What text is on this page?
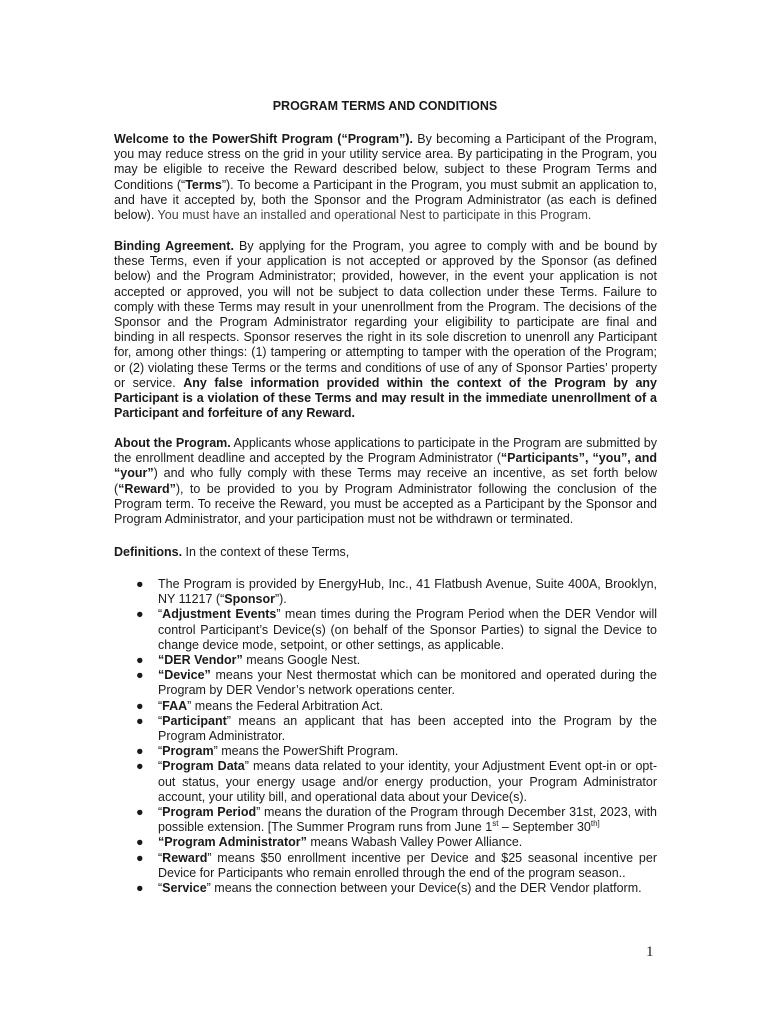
PROGRAM TERMS AND CONDITIONS

Welcome to the PowerShift Program (“Program”). By becoming a Participant of the Program, you may reduce stress on the grid in your utility service area. By participating in the Program, you may be eligible to receive the Reward described below, subject to these Program Terms and Conditions (“Terms”). To become a Participant in the Program, you must submit an application to, and have it accepted by, both the Sponsor and the Program Administrator (as each is defined below). You must have an installed and operational Nest to participate in this Program.

Binding Agreement. By applying for the Program, you agree to comply with and be bound by these Terms, even if your application is not accepted or approved by the Sponsor (as defined below) and the Program Administrator; provided, however, in the event your application is not accepted or approved, you will not be subject to data collection under these Terms. Failure to comply with these Terms may result in your unenrollment from the Program. The decisions of the Sponsor and the Program Administrator regarding your eligibility to participate are final and binding in all respects. Sponsor reserves the right in its sole discretion to unenroll any Participant for, among other things: (1) tampering or attempting to tamper with the operation of the Program; or (2) violating these Terms or the terms and conditions of use of any of Sponsor Parties’ property or service. Any false information provided within the context of the Program by any Participant is a violation of these Terms and may result in the immediate unenrollment of a Participant and forfeiture of any Reward.

About the Program. Applicants whose applications to participate in the Program are submitted by the enrollment deadline and accepted by the Program Administrator (“Participants”, “you”, and “your”) and who fully comply with these Terms may receive an incentive, as set forth below (“Reward”), to be provided to you by Program Administrator following the conclusion of the Program term. To receive the Reward, you must be accepted as a Participant by the Sponsor and Program Administrator, and your participation must not be withdrawn or terminated.

Definitions. In the context of these Terms,

● The Program is provided by EnergyHub, Inc., 41 Flatbush Avenue, Suite 400A, Brooklyn, NY 11217 (“Sponsor”).
● “Adjustment Events” mean times during the Program Period when the DER Vendor will control Participant’s Device(s) (on behalf of the Sponsor Parties) to signal the Device to change device mode, setpoint, or other settings, as applicable.
● “DER Vendor” means Google Nest.
● “Device” means your Nest thermostat which can be monitored and operated during the Program by DER Vendor’s network operations center.
● “FAA” means the Federal Arbitration Act.
● “Participant” means an applicant that has been accepted into the Program by the Program Administrator.
● “Program” means the PowerShift Program.
● “Program Data” means data related to your identity, your Adjustment Event opt-in or opt-out status, your energy usage and/or energy production, your Program Administrator account, your utility bill, and operational data about your Device(s).
● “Program Period” means the duration of the Program through December 31st, 2023, with possible extension. [The Summer Program runs from June 1st – September $30^{th]}$
● “Program Administrator” means Wabash Valley Power Alliance.
● “Reward” means $50 enrollment incentive per Device and $25 seasonal incentive per Device for Participants who remain enrolled through the end of the program season..
● “Service” means the connection between your Device(s) and the DER Vendor platform.
1
